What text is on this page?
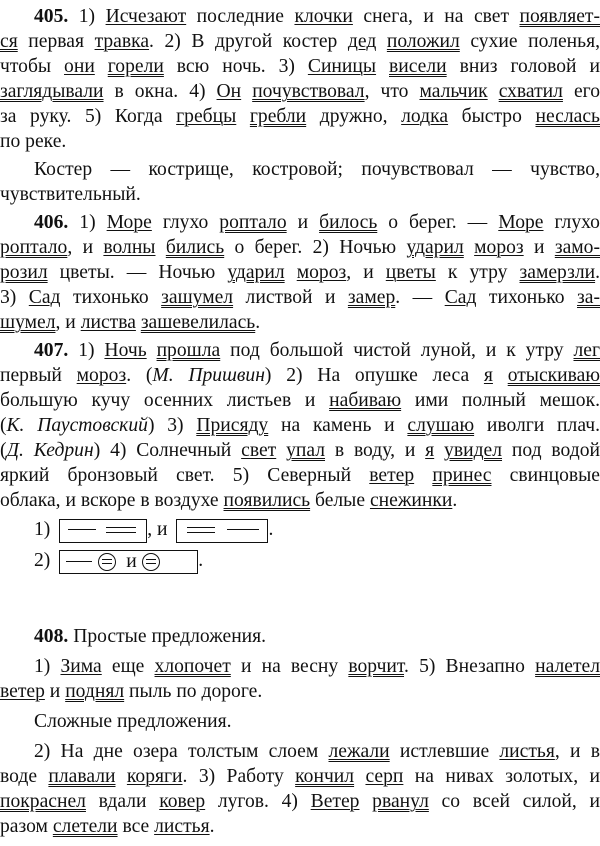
405. 1) Исчезают последние клочки снега, и на свет появляет-
ся первая травка. 2) В другой костер дед положил сухие поленья,
чтобы они горели всю ночь. 3) Синицы висели вниз головой и
заглядывали в окна. 4) Он почувствовал, что мальчик схватил его
за руку. 5) Когда гребцы гребли дружно, лодка быстро неслась
по реке.
Костер — кострище, костровой; почувствовал — чувство,
чувствительный.
406. 1) Море глухо роптало и билось о берег. — Море глухо
роптало, и волны бились о берег. 2) Ночью ударил мороз и замо-
розил цветы. — Ночью ударил мороз, и цветы к утру замерзли.
3) Сад тихонько зашумел листвой и замер. — Сад тихонько за-
шумел, и листва зашевелилась.
407. 1) Ночь прошла под большой чистой луной, и к утру лег
первый мороз. (М. Пришвин) 2) На опушке леса я отыскиваю
большую кучу осенних листьев и набиваю ими полный мешок.
(К. Паустовский) 3) Присяду на камень и слушаю иволги плач.
(Д. Кедрин) 4) Солнечный свет упал в воду, и я увидел под водой
яркий бронзовый свет. 5) Северный ветер принес свинцовые
облака, и вскоре в воздухе появились белые снежинки.
1)	, и	.
2)	и	.
408. Простые предложения.
1) Зима еще хлопочет и на весну ворчит. 5) Внезапно налетел
ветер и поднял пыль по дороге.
Сложные предложения.
2) На дне озера толстым слоем лежали истлевшие листья, и в
воде плавали коряги. 3) Работу кончил серп на нивах золотых, и
покраснел вдали ковер лугов. 4) Ветер рванул со всей силой, и
разом слетели все листья.
